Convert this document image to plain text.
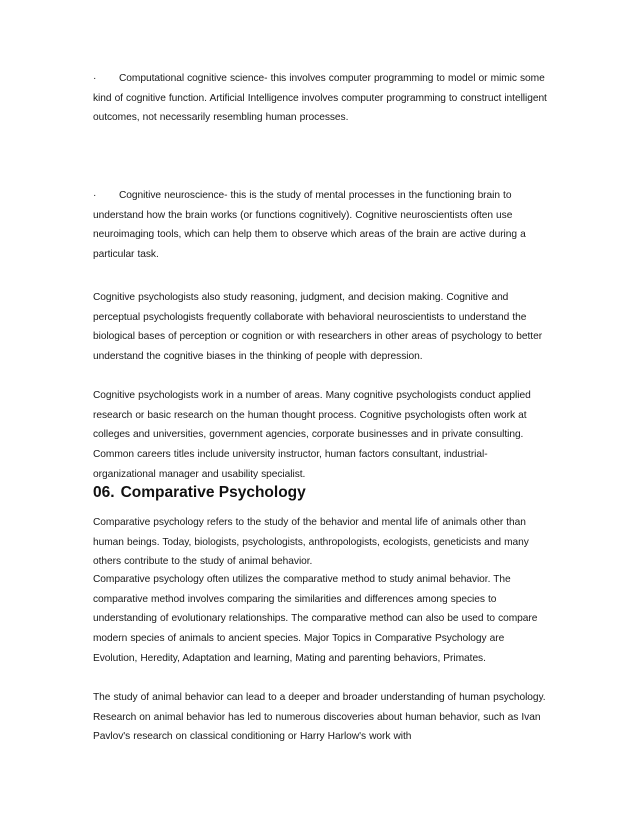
· Computational cognitive science- this involves computer programming to model or mimic some kind of cognitive function. Artificial Intelligence involves computer programming to construct intelligent outcomes, not necessarily resembling human processes.

· Cognitive neuroscience- this is the study of mental processes in the functioning brain to understand how the brain works (or functions cognitively). Cognitive neuroscientists often use neuroimaging tools, which can help them to observe which areas of the brain are active during a particular task.

Cognitive psychologists also study reasoning, judgment, and decision making. Cognitive and perceptual psychologists frequently collaborate with behavioral neuroscientists to understand the biological bases of perception or cognition or with researchers in other areas of psychology to better understand the cognitive biases in the thinking of people with depression.

Cognitive psychologists work in a number of areas. Many cognitive psychologists conduct applied research or basic research on the human thought process. Cognitive psychologists often work at colleges and universities, government agencies, corporate businesses and in private consulting. Common careers titles include university instructor, human factors consultant, industrial-organizational manager and usability specialist.

06. Comparative Psychology

Comparative psychology refers to the study of the behavior and mental life of animals other than human beings. Today, biologists, psychologists, anthropologists, ecologists, geneticists and many others contribute to the study of animal behavior.

Comparative psychology often utilizes the comparative method to study animal behavior. The comparative method involves comparing the similarities and differences among species to understanding of evolutionary relationships. The comparative method can also be used to compare modern species of animals to ancient species. Major Topics in Comparative Psychology are Evolution, Heredity, Adaptation and learning, Mating and parenting behaviors, Primates.

The study of animal behavior can lead to a deeper and broader understanding of human psychology. Research on animal behavior has led to numerous discoveries about human behavior, such as Ivan Pavlov's research on classical conditioning or Harry Harlow's work with
